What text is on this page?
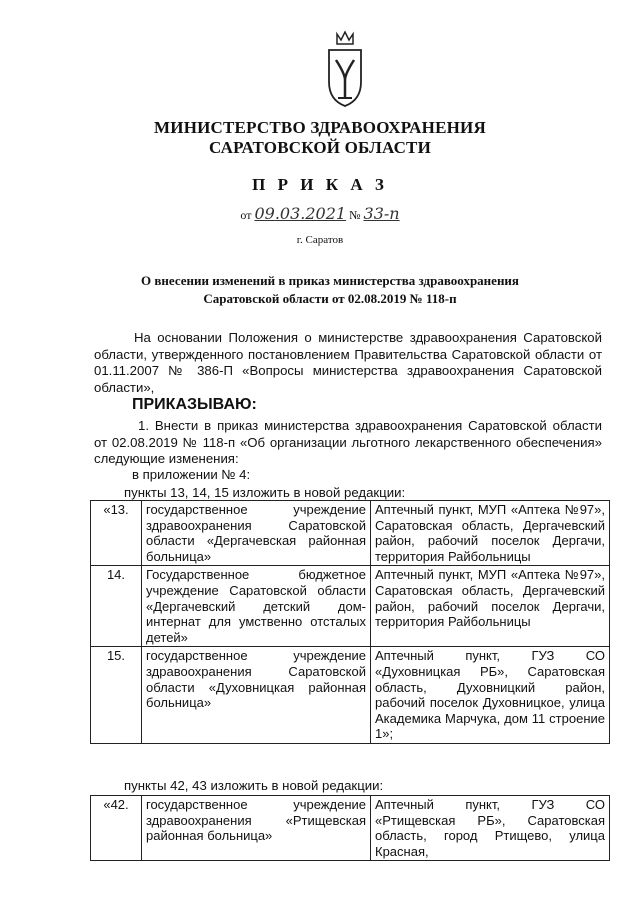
МИНИСТЕРСТВО ЗДРАВООХРАНЕНИЯ
САРАТОВСКОЙ ОБЛАСТИ
П Р И К А З
от 09.03.2021 № 33-п
г. Саратов
О внесении изменений в приказ министерства здравоохранения
Саратовской области от 02.08.2019 № 118-п
На основании Положения о министерстве здравоохранения Саратовской области, утвержденного постановлением Правительства Саратовской области от 01.11.2007 № 386-П «Вопросы министерства здравоохранения Саратовской области»,
ПРИКАЗЫВАЮ:
1. Внести в приказ министерства здравоохранения Саратовской области от 02.08.2019 № 118-п «Об организации льготного лекарственного обеспечения» следующие изменения:
в приложении № 4:
пункты 13, 14, 15 изложить в новой редакции:
«13.	государственное учреждение здравоохранения Саратовской области «Дергачевская районная больница»	Аптечный пункт, МУП «Аптека №97», Саратовская область, Дергачевский район, рабочий поселок Дергачи, территория Райбольницы
14.	Государственное бюджетное учреждение Саратовской области «Дергачевский детский дом-интернат для умственно отсталых детей»	Аптечный пункт, МУП «Аптека №97», Саратовская область, Дергачевский район, рабочий поселок Дергачи, территория Райбольницы
15.	государственное учреждение здравоохранения Саратовской области «Духовницкая районная больница»	Аптечный пункт, ГУЗ СО «Духовницкая РБ», Саратовская область, Духовницкий район, рабочий поселок Духовницкое, улица Академика Марчука, дом 11 строение 1»;
пункты 42, 43 изложить в новой редакции:
«42.	государственное учреждение здравоохранения «Ртищевская районная больница»	Аптечный пункт, ГУЗ СО «Ртищевская РБ», Саратовская область, город Ртищево, улица Красная,
